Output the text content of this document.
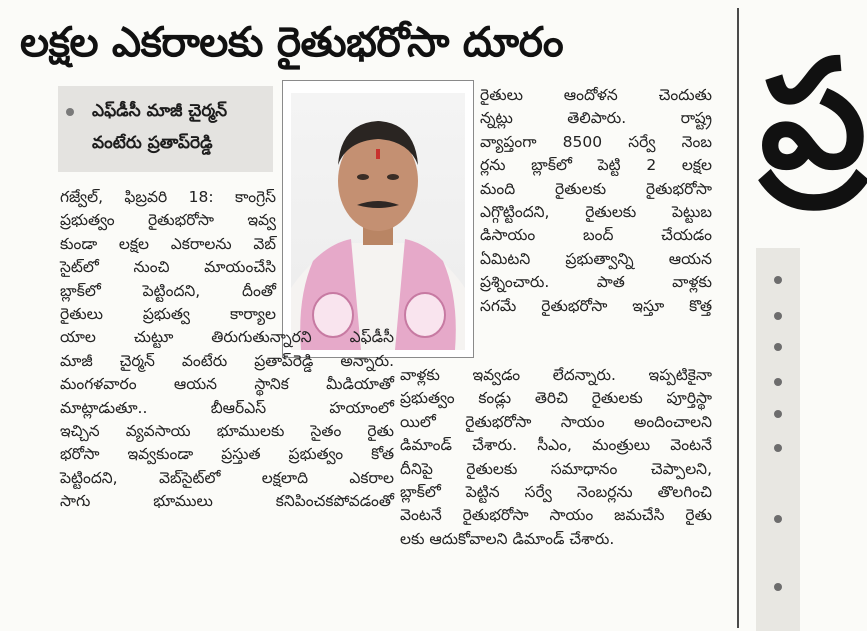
లక్షల ఎకరాలకు రైతుభరోసా దూరం	ప్ర
ఎఫ్‌డీసీ మాజీ చైర్మన్
వంటేరు ప్రతాప్‌రెడ్డి
గజ్వేల్, ఫిబ్రవరి 18: కాంగ్రెస్
ప్రభుత్వం రైతుభరోసా ఇవ్వ
కుండా లక్షల ఎకరాలను వెబ్
సైట్‌లో నుంచి మాయంచేసి
బ్లాక్‌లో పెట్టిందని, దీంతో
రైతులు ప్రభుత్వ కార్యాల
యాల చుట్టూ తిరుగుతున్నారని ఎఫ్‌డీసీ
మాజీ చైర్మన్ వంటేరు ప్రతాప్‌రెడ్డి అన్నారు.
మంగళవారం ఆయన స్థానిక మీడియాతో
మాట్లాడుతూ.. బీఆర్‌ఎస్ హయాంలో
ఇచ్చిన వ్యవసాయ భూములకు సైతం రైతు
భరోసా ఇవ్వకుండా ప్రస్తుత ప్రభుత్వం కోత
పెట్టిందని, వెబ్‌సైట్‌లో లక్షలాది ఎకరాల
సాగు భూములు కనిపించకపోవడంతో
రైతులు ఆందోళన చెందుతు
న్నట్లు తెలిపారు. రాష్ట్ర
వ్యాప్తంగా 8500 సర్వే నెంబ
ర్లను బ్లాక్‌లో పెట్టి 2 లక్షల
మంది రైతులకు రైతుభరోసా
ఎగ్గొట్టిందని, రైతులకు పెట్టుబ
డిసాయం బంద్ చేయడం
ఏమిటని ప్రభుత్వాన్ని ఆయన
ప్రశ్నించారు. పాత వాళ్లకు
సగమే రైతుభరోసా ఇస్తూ కొత్త
వాళ్లకు ఇవ్వడం లేదన్నారు. ఇప్పటికైనా
ప్రభుత్వం కండ్లు తెరిచి రైతులకు పూర్తిస్థా
యిలో రైతుభరోసా సాయం అందించాలని
డిమాండ్ చేశారు. సీఎం, మంత్రులు వెంటనే
దీనిపై రైతులకు సమాధానం చెప్పాలని,
బ్లాక్‌లో పెట్టిన సర్వే నెంబర్లను తొలగించి
వెంటనే రైతుభరోసా సాయం జమచేసి రైతు
లకు ఆదుకోవాలని డిమాండ్ చేశారు.
